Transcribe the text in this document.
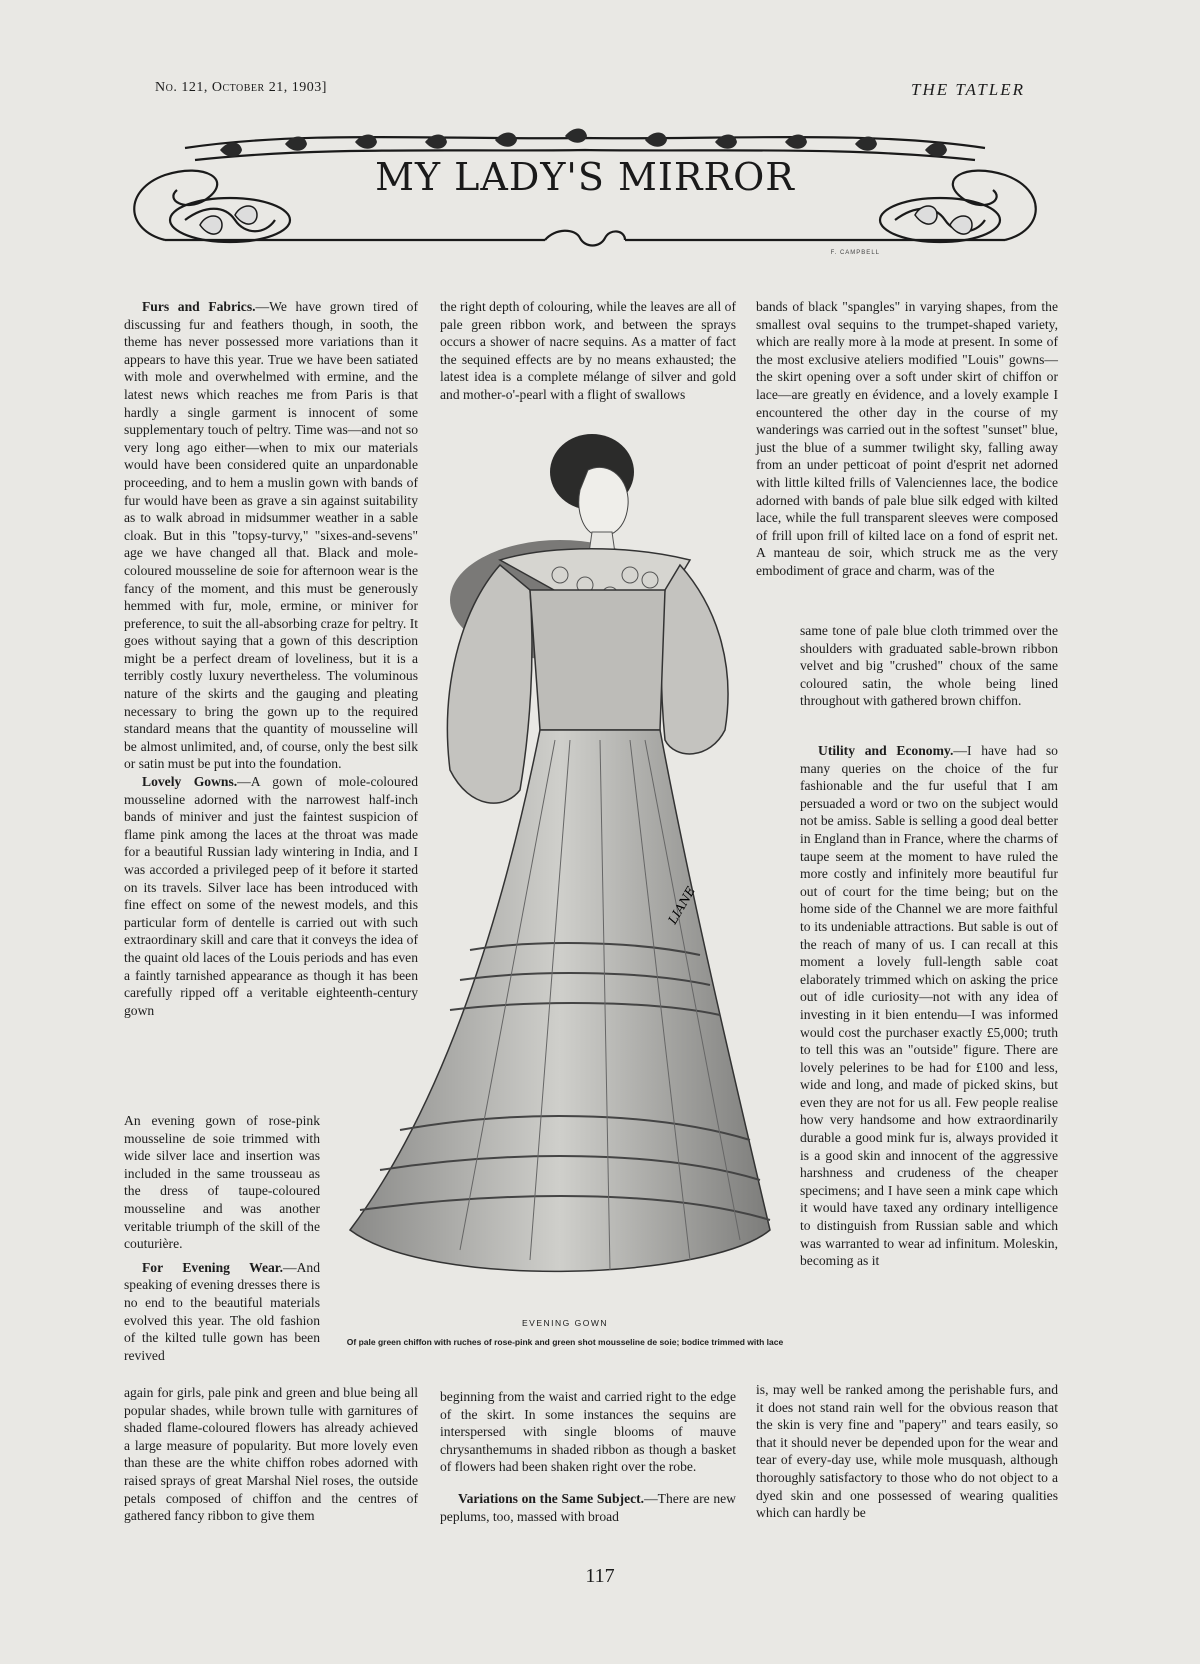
No. 121, October 21, 1903]	THE TATLER
MY LADY'S MIRROR
F. CAMPBELL

Furs and Fabrics.—We have grown tired of discussing fur and feathers though, in sooth, the theme has never possessed more variations than it appears to have this year. True we have been satiated with mole and overwhelmed with ermine, and the latest news which reaches me from Paris is that hardly a single garment is innocent of some supplementary touch of peltry. Time was—and not so very long ago either—when to mix our materials would have been considered quite an unpardonable proceeding, and to hem a muslin gown with bands of fur would have been as grave a sin against suitability as to walk abroad in midsummer weather in a sable cloak. But in this "topsy-turvy," "sixes-and-sevens" age we have changed all that. Black and mole-coloured mousseline de soie for afternoon wear is the fancy of the moment, and this must be generously hemmed with fur, mole, ermine, or miniver for preference, to suit the all-absorbing craze for peltry. It goes without saying that a gown of this description might be a perfect dream of loveliness, but it is a terribly costly luxury nevertheless. The voluminous nature of the skirts and the gauging and pleating necessary to bring the gown up to the required standard means that the quantity of mousseline will be almost unlimited, and, of course, only the best silk or satin must be put into the foundation.

Lovely Gowns.—A gown of mole-coloured mousseline adorned with the narrowest half-inch bands of miniver and just the faintest suspicion of flame pink among the laces at the throat was made for a beautiful Russian lady wintering in India, and I was accorded a privileged peep of it before it started on its travels. Silver lace has been introduced with fine effect on some of the newest models, and this particular form of dentelle is carried out with such extraordinary skill and care that it conveys the idea of the quaint old laces of the Louis periods and has even a faintly tarnished appearance as though it has been carefully ripped off a veritable eighteenth-century gown

An evening gown of rose-pink mousseline de soie trimmed with wide silver lace and insertion was included in the same trousseau as the dress of taupe-coloured mousseline and was another veritable triumph of the skill of the couturière.

For Evening Wear.—And speaking of evening dresses there is no end to the beautiful materials evolved this year. The old fashion of the kilted tulle gown has been revived

again for girls, pale pink and green and blue being all popular shades, while brown tulle with garnitures of shaded flame-coloured flowers has already achieved a large measure of popularity. But more lovely even than these are the white chiffon robes adorned with raised sprays of great Marshal Niel roses, the outside petals composed of chiffon and the centres of gathered fancy ribbon to give them

the right depth of colouring, while the leaves are all of pale green ribbon work, and between the sprays occurs a shower of nacre sequins. As a matter of fact the sequined effects are by no means exhausted; the latest idea is a complete mélange of silver and gold and mother-o'-pearl with a flight of swallows

beginning from the waist and carried right to the edge of the skirt. In some instances the sequins are interspersed with single blooms of mauve chrysanthemums in shaded ribbon as though a basket of flowers had been shaken right over the robe.

Variations on the Same Subject.—There are new peplums, too, massed with broad

bands of black "spangles" in varying shapes, from the smallest oval sequins to the trumpet-shaped variety, which are really more à la mode at present. In some of the most exclusive ateliers modified "Louis" gowns—the skirt opening over a soft under skirt of chiffon or lace—are greatly en évidence, and a lovely example I encountered the other day in the course of my wanderings was carried out in the softest "sunset" blue, just the blue of a summer twilight sky, falling away from an under petticoat of point d'esprit net adorned with little kilted frills of Valenciennes lace, the bodice adorned with bands of pale blue silk edged with kilted lace, while the full transparent sleeves were composed of frill upon frill of kilted lace on a fond of esprit net. A manteau de soir, which struck me as the very embodiment of grace and charm, was of the

same tone of pale blue cloth trimmed over the shoulders with graduated sable-brown ribbon velvet and big "crushed" choux of the same coloured satin, the whole being lined throughout with gathered brown chiffon.

Utility and Economy.—I have had so many queries on the choice of the fur fashionable and the fur useful that I am persuaded a word or two on the subject would not be amiss. Sable is selling a good deal better in England than in France, where the charms of taupe seem at the moment to have ruled the more costly and infinitely more beautiful fur out of court for the time being; but on the home side of the Channel we are more faithful to its undeniable attractions. But sable is out of the reach of many of us. I can recall at this moment a lovely full-length sable coat elaborately trimmed which on asking the price out of idle curiosity—not with any idea of investing in it bien entendu—I was informed would cost the purchaser exactly £5,000; truth to tell this was an "outside" figure. There are lovely pelerines to be had for £100 and less, wide and long, and made of picked skins, but even they are not for us all. Few people realise how very handsome and how extraordinarily durable a good mink fur is, always provided it is a good skin and innocent of the aggressive harshness and crudeness of the cheaper specimens; and I have seen a mink cape which it would have taxed any ordinary intelligence to distinguish from Russian sable and which was warranted to wear ad infinitum. Moleskin, becoming as it

is, may well be ranked among the perishable furs, and it does not stand rain well for the obvious reason that the skin is very fine and "papery" and tears easily, so that it should never be depended upon for the wear and tear of every-day use, while mole musquash, although thoroughly satisfactory to those who do not object to a dyed skin and one possessed of wearing qualities which can hardly be

LIANE
EVENING GOWN
Of pale green chiffon with ruches of rose-pink and green shot mousseline de soie; bodice trimmed with lace
117
